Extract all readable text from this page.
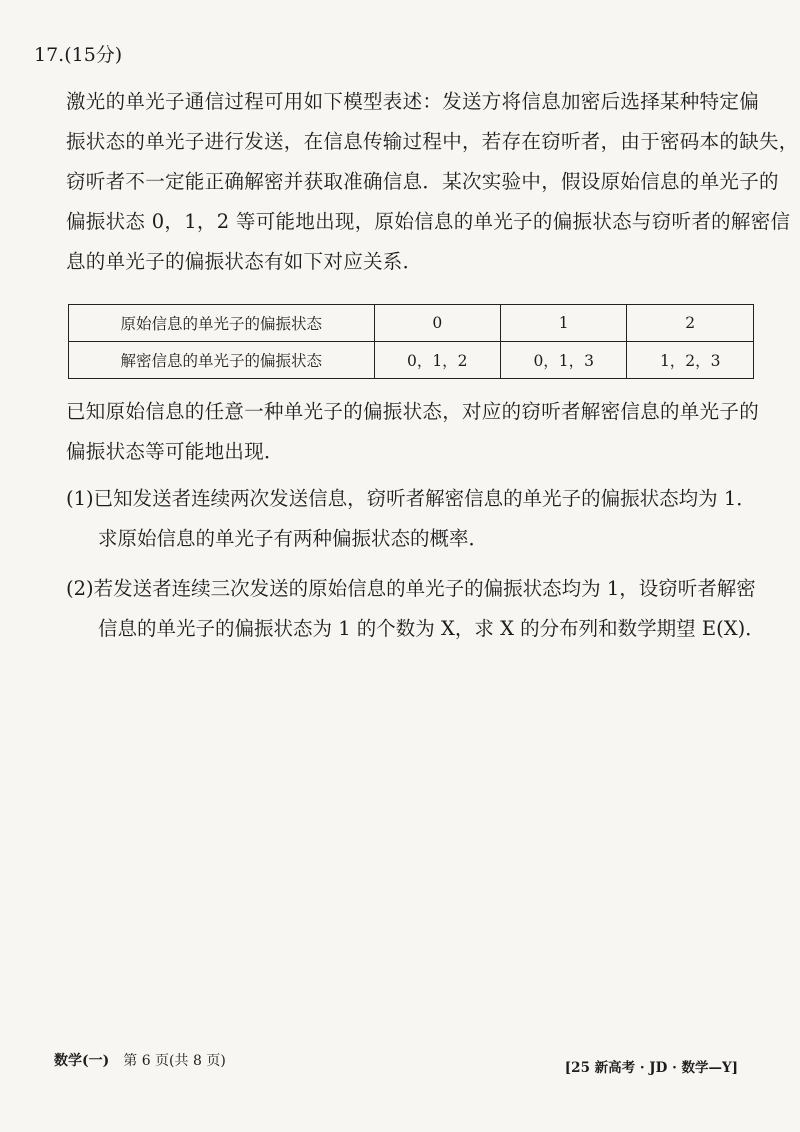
17.(15分)
激光的单光子通信过程可用如下模型表述：发送方将信息加密后选择某种特定偏
振状态的单光子进行发送，在信息传输过程中，若存在窃听者，由于密码本的缺失，
窃听者不一定能正确解密并获取准确信息．某次实验中，假设原始信息的单光子的
偏振状态 0，1，2 等可能地出现，原始信息的单光子的偏振状态与窃听者的解密信
息的单光子的偏振状态有如下对应关系．
原始信息的单光子的偏振状态	0	1	2
解密信息的单光子的偏振状态	0，1，2	0，1，3	1，2，3
已知原始信息的任意一种单光子的偏振状态，对应的窃听者解密信息的单光子的
偏振状态等可能地出现．
(1)已知发送者连续两次发送信息，窃听者解密信息的单光子的偏振状态均为 1．
求原始信息的单光子有两种偏振状态的概率．
(2)若发送者连续三次发送的原始信息的单光子的偏振状态均为 1，设窃听者解密
信息的单光子的偏振状态为 1 的个数为 X，求 X 的分布列和数学期望 E(X)．
数学(一) 第 6 页(共 8 页)	[25 新高考 · JD · 数学—Y]
